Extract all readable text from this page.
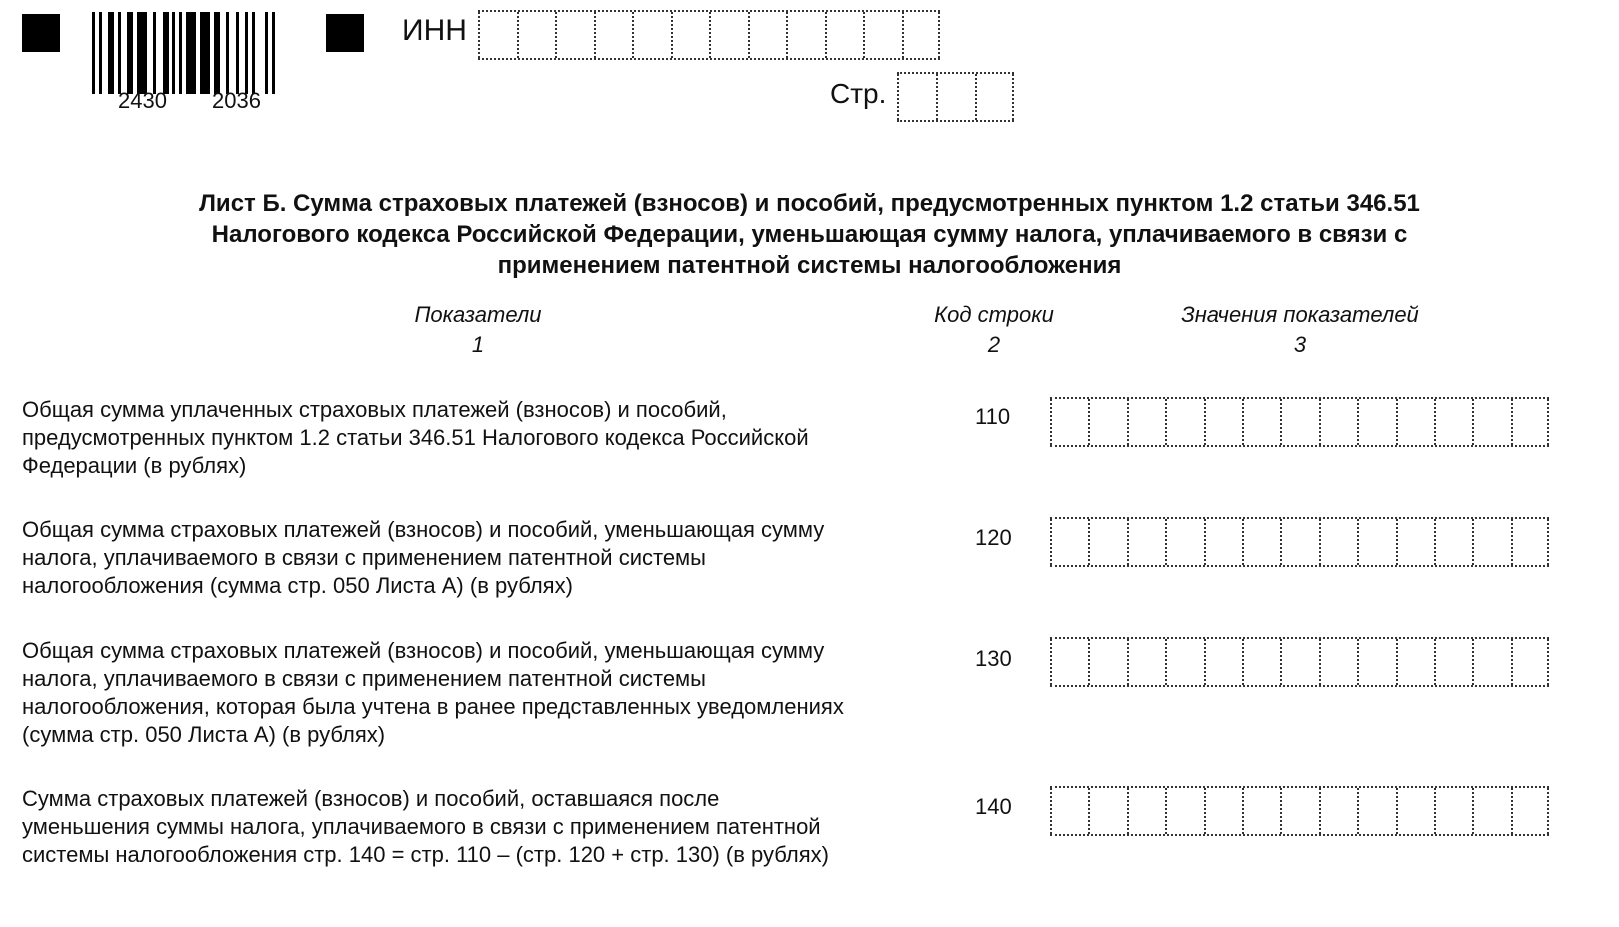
2430 2036
ИНН
Стр.
Лист Б. Сумма страховых платежей (взносов) и пособий, предусмотренных пунктом 1.2 статьи 346.51
Налогового кодекса Российской Федерации, уменьшающая сумму налога, уплачиваемого в связи с
применением патентной системы налогообложения
Показатели
1
Код строки
2
Значения показателей
3
Общая сумма уплаченных страховых платежей (взносов) и пособий,
предусмотренных пунктом 1.2 статьи 346.51 Налогового кодекса Российской
Федерации (в рублях)
110
Общая сумма страховых платежей (взносов) и пособий, уменьшающая сумму
налога, уплачиваемого в связи с применением патентной системы
налогообложения (сумма стр. 050 Листа А) (в рублях)
120
Общая сумма страховых платежей (взносов) и пособий, уменьшающая сумму
налога, уплачиваемого в связи с применением патентной системы
налогообложения, которая была учтена в ранее представленных уведомлениях
(сумма стр. 050 Листа А) (в рублях)
130
Сумма страховых платежей (взносов) и пособий, оставшаяся после
уменьшения суммы налога, уплачиваемого в связи с применением патентной
системы налогообложения стр. 140 = стр. 110 – (стр. 120 + стр. 130) (в рублях)
140
